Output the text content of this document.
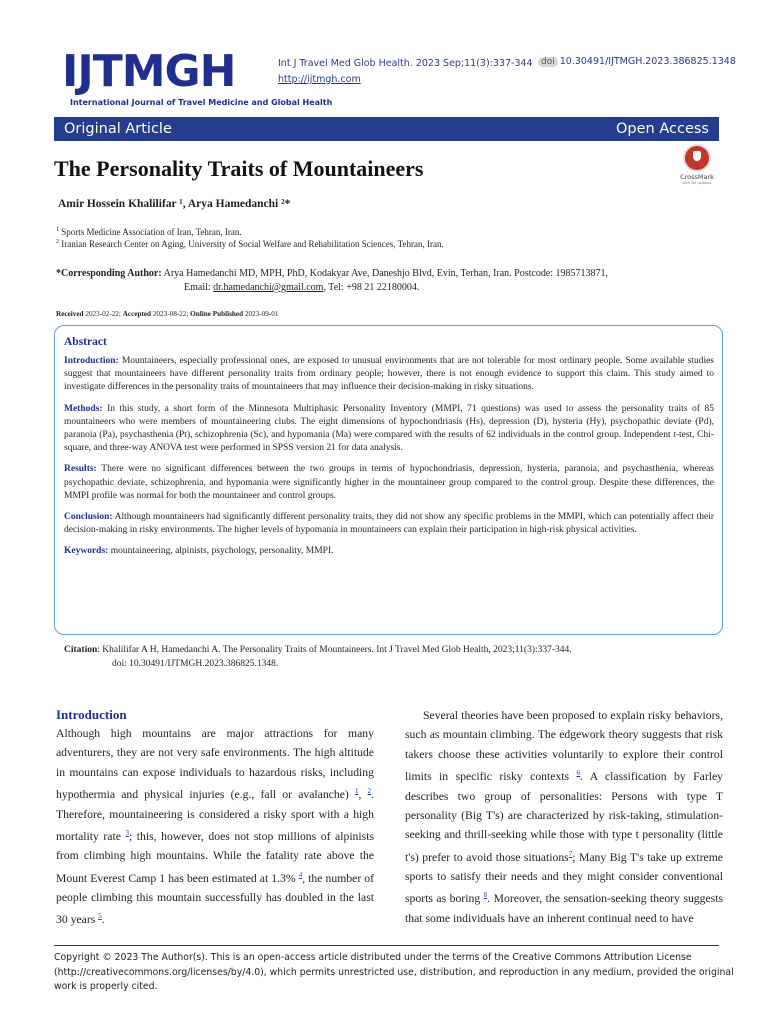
IJTMGH
International Journal of Travel Medicine and Global Health
Int J Travel Med Glob Health. 2023 Sep;11(3):337-344
http://ijtmgh.com
doi 10.30491/IJTMGH.2023.386825.1348
Original Article	Open Access
The Personality Traits of Mountaineers	CrossMark
click for updates
Amir Hossein Khalilifar ¹, Arya Hamedanchi ²*
$^1$ Sports Medicine Association of Iran, Tehran, Iran.
$^2$ Iranian Research Center on Aging, University of Social Welfare and Rehabilitation Sciences, Tehran, Iran.
*Corresponding Author: Arya Hamedanchi MD, MPH, PhD, Kodakyar Ave, Daneshjo Blvd, Evin, Terhan, Iran. Postcode: 1985713871,
Email: dr.hamedanchi@gmail.com, Tel: +98 21 22180004.
Received 2023-02-22; Accepted 2023-08-22; Online Published 2023-09-01
Abstract

Introduction: Mountaineers, especially professional ones, are exposed to unusual environments that are not tolerable for most ordinary people. Some available studies suggest that mountaineers have different personality traits from ordinary people; however, there is not enough evidence to support this claim. This study aimed to investigate differences in the personality traits of mountaineers that may influence their decision-making in risky situations.

Methods: In this study, a short form of the Minnesota Multiphasic Personality Inventory (MMPI, 71 questions) was used to assess the personality traits of 85 mountaineers who were members of mountaineering clubs. The eight dimensions of hypochondriasis (Hs), depression (D), hysteria (Hy), psychopathic deviate (Pd), paranoia (Pa), psychasthenia (Pt), schizophrenia (Sc), and hypomania (Ma) were compared with the results of 62 individuals in the control group. Independent t-test, Chi-square, and three-way ANOVA test were performed in SPSS version 21 for data analysis.

Results: There were no significant differences between the two groups in terms of hypochondriasis, depression, hysteria, paranoia, and psychasthenia, whereas psychopathic deviate, schizophrenia, and hypomania were significantly higher in the mountaineer group compared to the control group. Despite these differences, the MMPI profile was normal for both the mountaineer and control groups.

Conclusion: Although mountaineers had significantly different personality traits, they did not show any specific problems in the MMPI, which can potentially affect their decision-making in risky environments. The higher levels of hypomania in mountaineers can explain their participation in high-risk physical activities.

Keywords: mountaineering, alpinists, psychology, personality, MMPI.

Citation: Khalilifar A H, Hamedanchi A. The Personality Traits of Mountaineers. Int J Travel Med Glob Health, 2023;11(3):337-344.
doi: 10.30491/IJTMGH.2023.386825.1348.
Introduction

Although high mountains are major attractions for many adventurers, they are not very safe environments. The high altitude in mountains can expose individuals to hazardous risks, including hypothermia and physical injuries (e.g., fall or avalanche) $^1$, $^2$. Therefore, mountaineering is considered a risky sport with a high mortality rate $^3$; this, however, does not stop millions of alpinists from climbing high mountains. While the fatality rate above the Mount Everest Camp 1 has been estimated at 1.3% $^4$, the number of people climbing this mountain successfully has doubled in the last 30 years $^5$.

Several theories have been proposed to explain risky behaviors, such as mountain climbing. The edgework theory suggests that risk takers choose these activities voluntarily to explore their control limits in specific risky contexts $^6$. A classification by Farley describes two group of personalities: Persons with type T personality (Big T's) are characterized by risk-taking, stimulation-seeking and thrill-seeking while those with type t personality (little t's) prefer to avoid those situations$^7$; Many Big T's take up extreme sports to satisfy their needs and they might consider conventional sports as boring $^8$. Moreover, the sensation-seeking theory suggests that some individuals have an inherent continual need to have

Copyright © 2023 The Author(s). This is an open-access article distributed under the terms of the Creative Commons Attribution License (http://creativecommons.org/licenses/by/4.0), which permits unrestricted use, distribution, and reproduction in any medium, provided the original work is properly cited.
